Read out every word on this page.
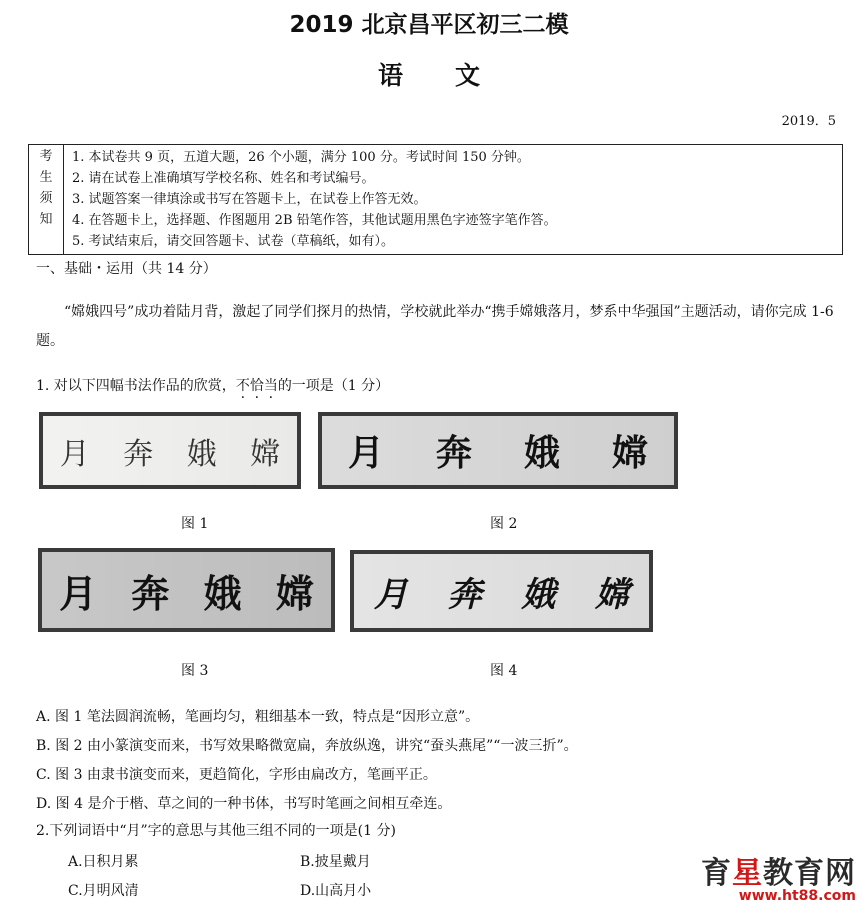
2019 北京昌平区初三二模
语文
2019．5
考
生
须
知

1. 本试卷共 9 页，五道大题，26 个小题，满分 100 分。考试时间 150 分钟。
2. 请在试卷上准确填写学校名称、姓名和考试编号。
3. 试题答案一律填涂或书写在答题卡上，在试卷上作答无效。
4. 在答题卡上，选择题、作图题用 2B 铅笔作答，其他试题用黑色字迹签字笔作答。
5. 考试结束后，请交回答题卡、试卷（草稿纸，如有）。
一、基础・运用（共 14 分）
“嫦娥四号”成功着陆月背，激起了同学们探月的热情，学校就此举办“携手嫦娥落月，梦系中华强国”主题活动，请你完成 1-6 题。
1. 对以下四幅书法作品的欣赏，不恰当的一项是（1 分）
月 奔 娥 嫦 月 奔 娥 嫦
图 1	图 2
月 奔 娥 嫦 月 奔 娥 嫦
图 3	图 4
A. 图 1 笔法圆润流畅，笔画均匀，粗细基本一致，特点是“因形立意”。
B. 图 2 由小篆演变而来，书写效果略微宽扁，奔放纵逸，讲究“蚕头燕尾”“一波三折”。
C. 图 3 由隶书演变而来，更趋简化，字形由扁改方，笔画平正。
D. 图 4 是介于楷、草之间的一种书体，书写时笔画之间相互牵连。
2.下列词语中“月”字的意思与其他三组不同的一项是(1 分)
A.日积月累	B.披星戴月
C.月明风清	D.山高月小	育星教育网
www.ht88.com
